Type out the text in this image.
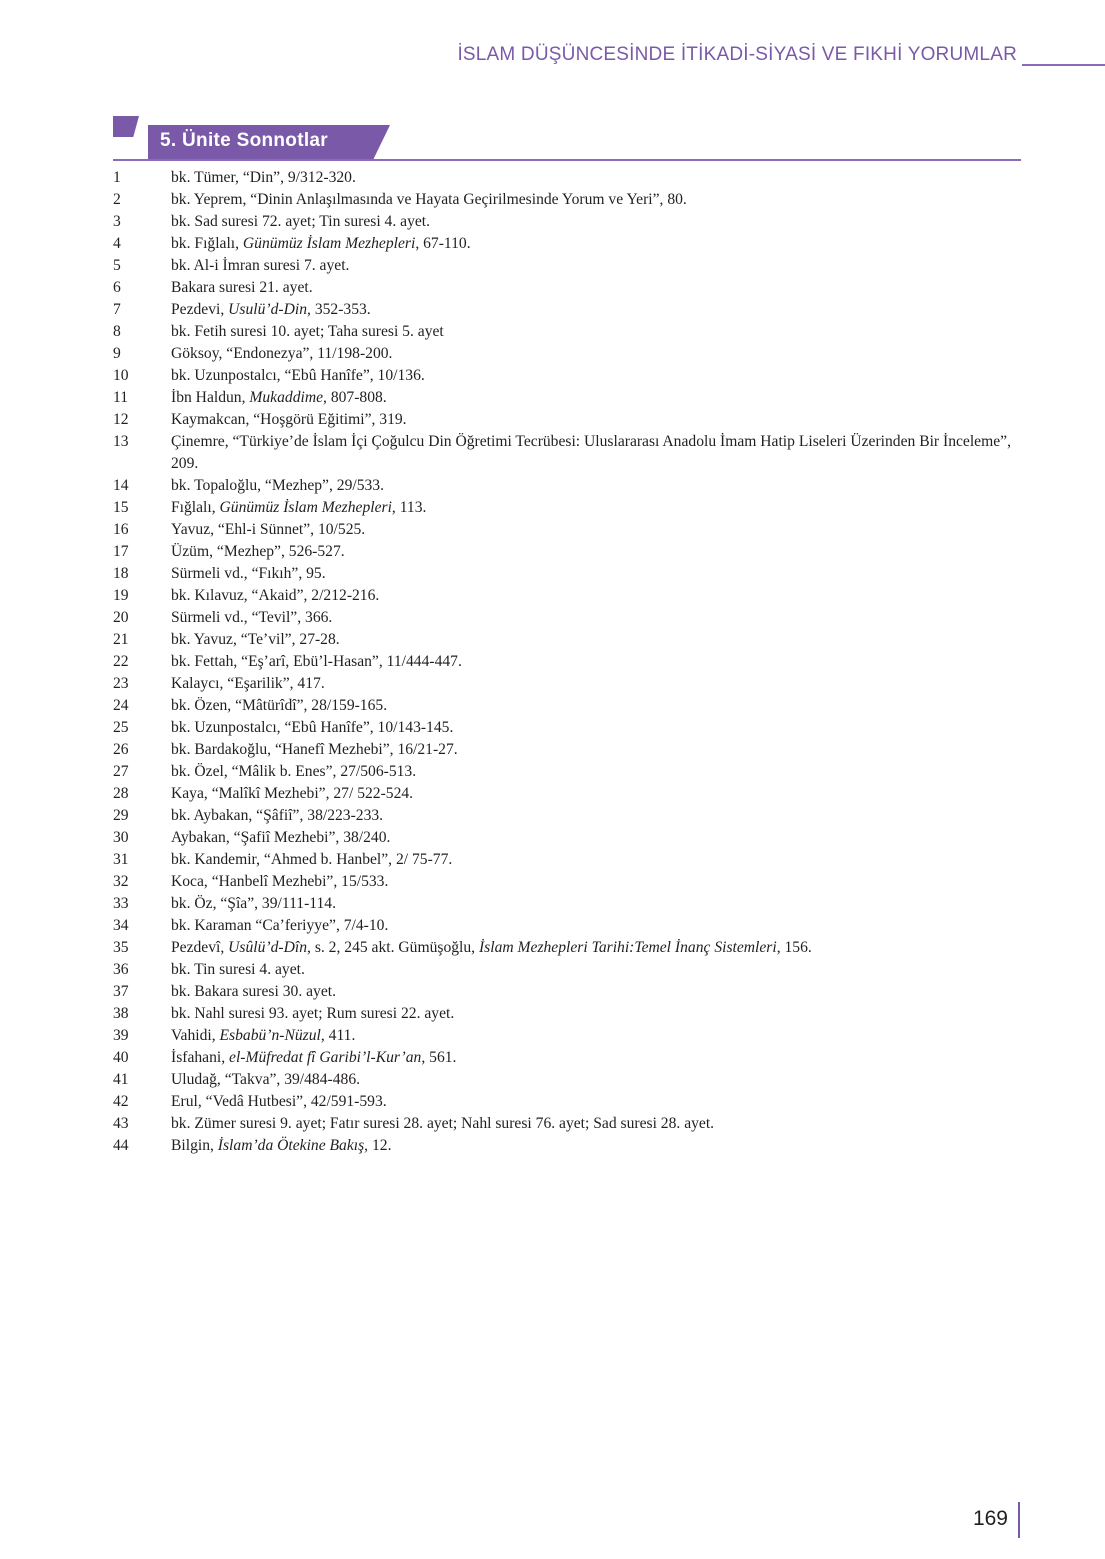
İSLAM DÜŞÜNCESİNDE İTİKADİ-SİYASİ VE FIKHİ YORUMLAR
5. Ünite Sonnotlar
1	bk. Tümer, “Din”, 9/312-320.
2	bk. Yeprem, “Dinin Anlaşılmasında ve Hayata Geçirilmesinde Yorum ve Yeri”, 80.
3	bk. Sad suresi 72. ayet; Tin suresi 4. ayet.
4	bk. Fığlalı, Günümüz İslam Mezhepleri, 67-110.
5	bk. Al-i İmran suresi 7. ayet.
6	Bakara suresi 21. ayet.
7	Pezdevi, Usulü’d-Din, 352-353.
8	bk. Fetih suresi 10. ayet; Taha suresi 5. ayet
9	Göksoy, “Endonezya”, 11/198-200.
10	bk. Uzunpostalcı, “Ebû Hanîfe”, 10/136.
11	İbn Haldun, Mukaddime, 807-808.
12	Kaymakcan, “Hoşgörü Eğitimi”, 319.
13	Çinemre, “Türkiye’de İslam İçi Çoğulcu Din Öğretimi Tecrübesi: Uluslararası Anadolu İmam Hatip Liseleri Üzerinden Bir İnceleme”, 209.
14	bk. Topaloğlu, “Mezhep”, 29/533.
15	Fığlalı, Günümüz İslam Mezhepleri, 113.
16	Yavuz, “Ehl-i Sünnet”, 10/525.
17	Üzüm, “Mezhep”, 526-527.
18	Sürmeli vd., “Fıkıh”, 95.
19	bk. Kılavuz, “Akaid”, 2/212-216.
20	Sürmeli vd., “Tevil”, 366.
21	bk. Yavuz, “Te’vil”, 27-28.
22	bk. Fettah, “Eş’arî, Ebü’l-Hasan”, 11/444-447.
23	Kalaycı, “Eşarilik”, 417.
24	bk. Özen, “Mâtürîdî”, 28/159-165.
25	bk. Uzunpostalcı, “Ebû Hanîfe”, 10/143-145.
26	bk. Bardakoğlu, “Hanefî Mezhebi”, 16/21-27.
27	bk. Özel, “Mâlik b. Enes”, 27/506-513.
28	Kaya, “Malîkî Mezhebi”, 27/ 522-524.
29	bk. Aybakan, “Şâfiî”, 38/223-233.
30	Aybakan, “Şafiî Mezhebi”, 38/240.
31	bk. Kandemir, “Ahmed b. Hanbel”, 2/ 75-77.
32	Koca, “Hanbelî Mezhebi”, 15/533.
33	bk. Öz, “Şîa”, 39/111-114.
34	bk. Karaman “Ca’feriyye”, 7/4-10.
35	Pezdevî, Usûlü’d-Dîn, s. 2, 245 akt. Gümüşoğlu, İslam Mezhepleri Tarihi:Temel İnanç Sistemleri, 156.
36	bk. Tin suresi 4. ayet.
37	bk. Bakara suresi 30. ayet.
38	bk. Nahl suresi 93. ayet; Rum suresi 22. ayet.
39	Vahidi, Esbabü’n-Nüzul, 411.
40	İsfahani, el-Müfredat fî Garibi’l-Kur’an, 561.
41	Uludağ, “Takva”, 39/484-486.
42	Erul, “Vedâ Hutbesi”, 42/591-593.
43	bk. Zümer suresi 9. ayet; Fatır suresi 28. ayet; Nahl suresi 76. ayet; Sad suresi 28. ayet.
44	Bilgin, İslam’da Ötekine Bakış, 12.
169
